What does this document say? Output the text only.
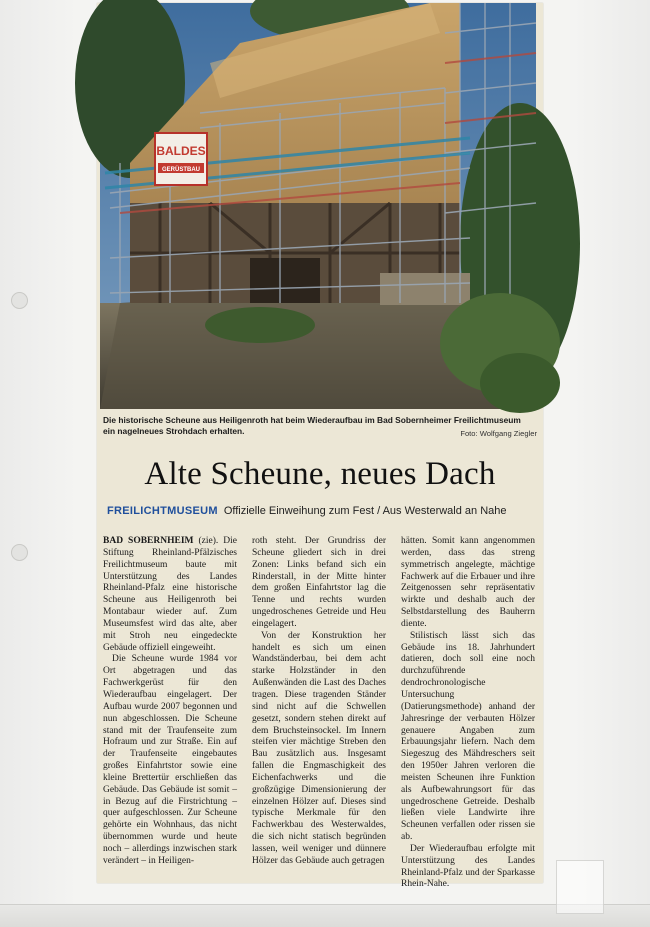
BALDES
GERÜSTBAU
Die historische Scheune aus Heiligenroth hat beim Wiederaufbau im Bad Sobernheimer Freilichtmuseum ein nagelneues Strohdach erhalten.	Foto: Wolfgang Ziegler
Alte Scheune, neues Dach
FREILICHTMUSEUM Offizielle Einweihung zum Fest / Aus Westerwald an Nahe

BAD SOBERNHEIM (zie). Die Stiftung Rheinland-Pfälzisches Freilichtmuseum baute mit Unterstützung des Landes Rheinland-Pfalz eine historische Scheune aus Heiligenroth bei Montabaur wieder auf. Zum Museumsfest wird das alte, aber mit Stroh neu eingedeckte Gebäude offiziell eingeweiht.

Die Scheune wurde 1984 vor Ort abgetragen und das Fachwerkgerüst für den Wiederaufbau eingelagert. Der Aufbau wurde 2007 begonnen und nun abgeschlossen. Die Scheune stand mit der Traufenseite zum Hofraum und zur Straße. Ein auf der Traufenseite eingebautes großes Einfahrtstor sowie eine kleine Brettertür erschließen das Gebäude. Das Gebäude ist somit – in Bezug auf die Firstrichtung – quer aufgeschlossen. Zur Scheune gehörte ein Wohnhaus, das nicht übernommen wurde und heute noch – allerdings inzwischen stark verändert – in Heiligen-

roth steht. Der Grundriss der Scheune gliedert sich in drei Zonen: Links befand sich ein Rinderstall, in der Mitte hinter dem großen Einfahrtstor lag die Tenne und rechts wurden ungedroschenes Getreide und Heu eingelagert.

Von der Konstruktion her handelt es sich um einen Wandständerbau, bei dem acht starke Holzständer in den Außenwänden die Last des Daches tragen. Diese tragenden Ständer sind nicht auf die Schwellen gesetzt, sondern stehen direkt auf dem Bruchsteinsockel. Im Innern steifen vier mächtige Streben den Bau zusätzlich aus. Insgesamt fallen die Engmaschigkeit des Eichenfachwerks und die großzügige Dimensionierung der einzelnen Hölzer auf. Dieses sind typische Merkmale für den Fachwerkbau des Westerwaldes, die sich nicht statisch begründen lassen, weil weniger und dünnere Hölzer das Gebäude auch getragen

hätten. Somit kann angenommen werden, dass das streng symmetrisch angelegte, mächtige Fachwerk auf die Erbauer und ihre Zeitgenossen sehr repräsentativ wirkte und deshalb auch der Selbstdarstellung des Bauherrn diente.

Stilistisch lässt sich das Gebäude ins 18. Jahrhundert datieren, doch soll eine noch durchzuführende dendrochronologische Untersuchung (Datierungsmethode) anhand der Jahresringe der verbauten Hölzer genauere Angaben zum Erbauungsjahr liefern. Nach dem Siegeszug des Mähdreschers seit den 1950er Jahren verloren die meisten Scheunen ihre Funktion als Aufbewahrungsort für das ungedroschene Getreide. Deshalb ließen viele Landwirte ihre Scheunen verfallen oder rissen sie ab.

Der Wiederaufbau erfolgte mit Unterstützung des Landes Rheinland-Pfalz und der Sparkasse Rhein-Nahe.
